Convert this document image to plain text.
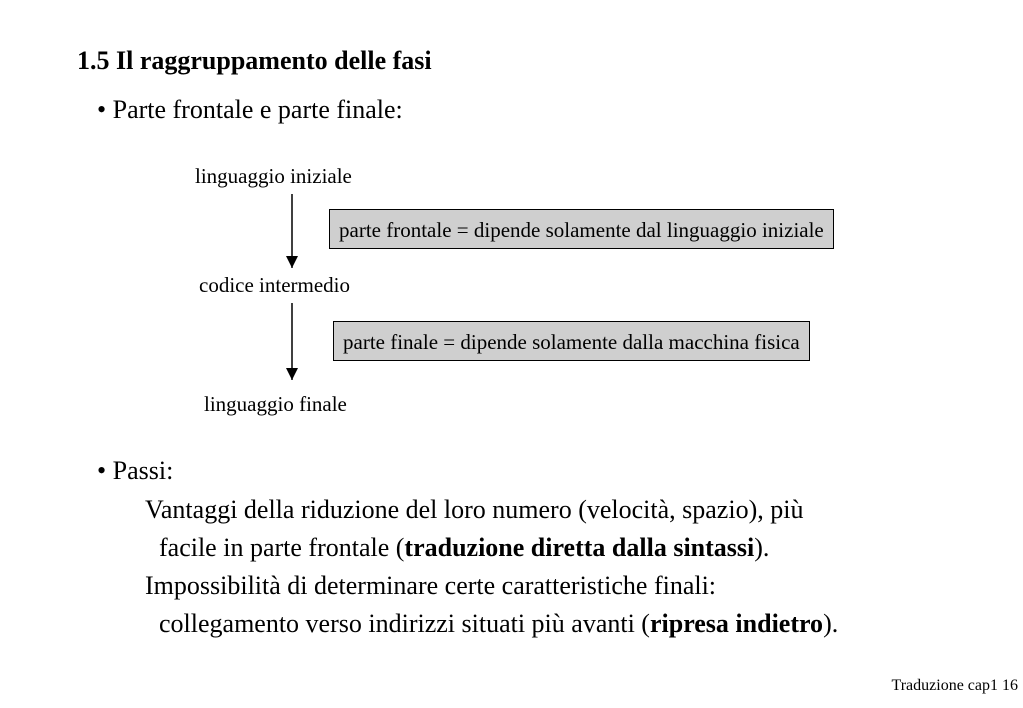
1.5 Il raggruppamento delle fasi
• Parte frontale e parte finale:
linguaggio iniziale
codice intermedio
linguaggio finale
parte frontale = dipende solamente dal linguaggio iniziale
parte finale = dipende solamente dalla macchina fisica
• Passi:
Vantaggi della riduzione del loro numero (velocità, spazio), più
facile in parte frontale (traduzione diretta dalla sintassi).
Impossibilità di determinare certe caratteristiche finali:
collegamento verso indirizzi situati più avanti (ripresa indietro).
Traduzione cap1 16
